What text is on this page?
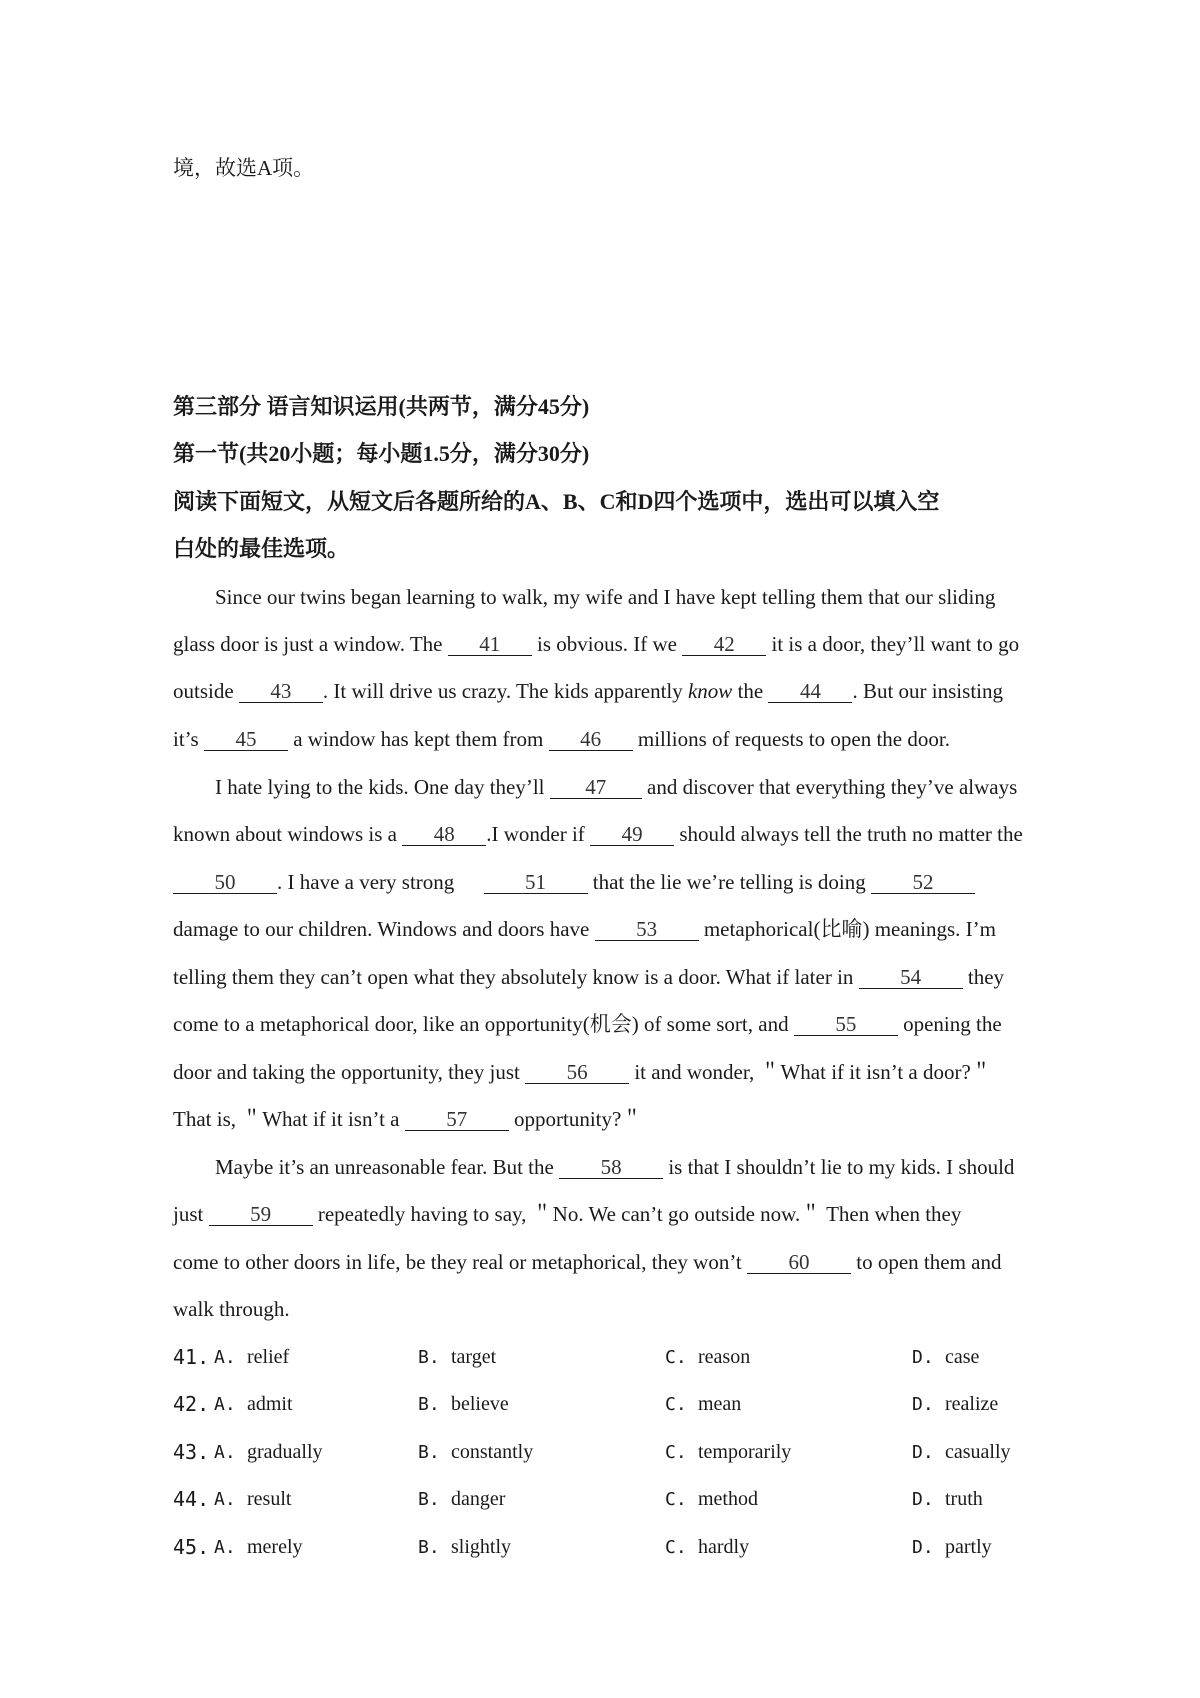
境，故选A项。
第三部分 语言知识运用(共两节，满分45分)
第一节(共20小题；每小题1.5分，满分30分)
阅读下面短文，从短文后各题所给的A、B、C和D四个选项中，选出可以填入空
白处的最佳选项。
Since our twins began learning to walk, my wife and I have kept telling them that our sliding
glass door is just a window. The 41 is obvious. If we 42 it is a door, they’ll want to go
outside 43 . It will drive us crazy. The kids apparently know the 44 . But our insisting
it’s 45 a window has kept them from 46 millions of requests to open the door.
I hate lying to the kids. One day they’ll 47 and discover that everything they’ve always
known about windows is a 48 .I wonder if 49 should always tell the truth no matter the
50 . I have a very strong	51 that the lie we’re telling is doing 52
damage to our children. Windows and doors have 53 metaphorical(比喻) meanings. I’m
telling them they can’t open what they absolutely know is a door. What if later in 54 they
come to a metaphorical door, like an opportunity(机会) of some sort, and 55 opening the
door and taking the opportunity, they just 56 it and wonder, ＂What if it isn’t a door?＂
That is, ＂What if it isn’t a 57 opportunity?＂
Maybe it’s an unreasonable fear. But the 58 is that I shouldn’t lie to my kids. I should
just 59 repeatedly having to say, ＂No. We can’t go outside now.＂ Then when they
come to other doors in life, be they real or metaphorical, they won’t 60 to open them and
walk through.
41. A. relief	B. target	C. reason	D. case
42. A. admit	B. believe	C. mean	D. realize
43. A. gradually	B. constantly	C. temporarily	D. casually
44. A. result	B. danger	C. method	D. truth
45. A. merely	B. slightly	C. hardly	D. partly
